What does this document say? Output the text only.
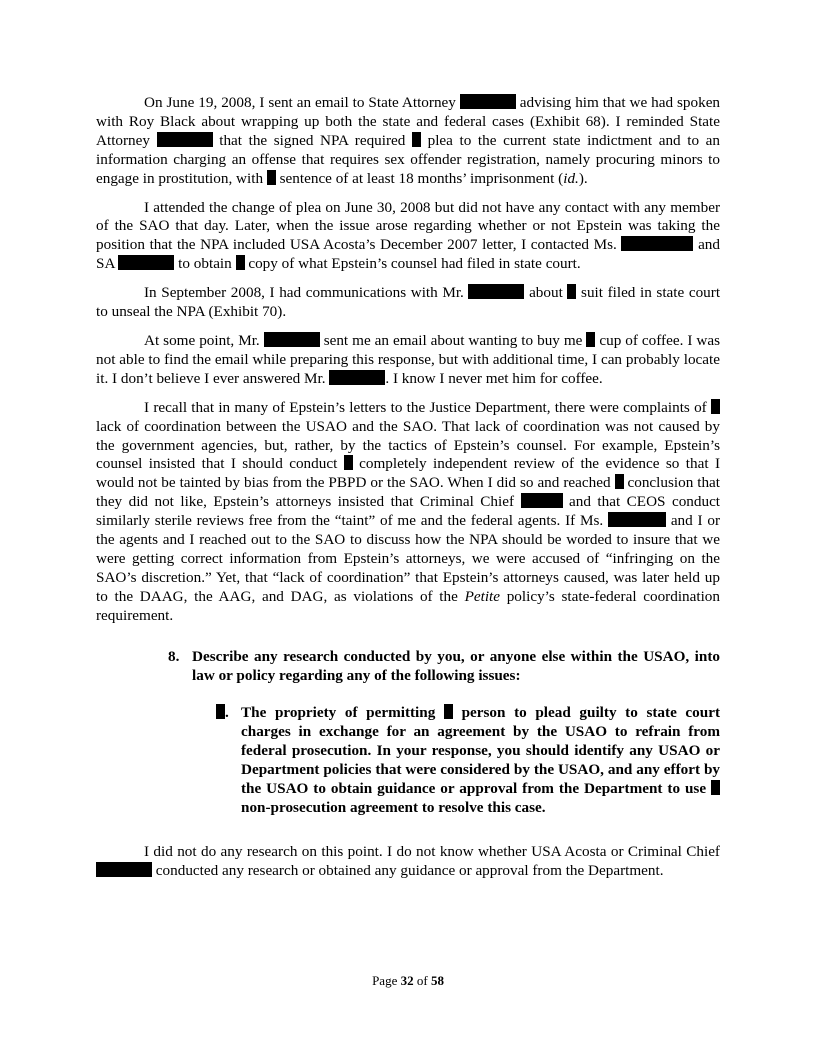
On June 19, 2008, I sent an email to State Attorney	advising him that we had spoken with Roy Black about wrapping up both the state and federal cases (Exhibit 68). I reminded State Attorney	that the signed NPA required plea to the current state indictment and to an information charging an offense that requires sex offender registration, namely procuring minors to engage in prostitution, with sentence of at least 18 months’ imprisonment (id.).

I attended the change of plea on June 30, 2008 but did not have any contact with any member of the SAO that day. Later, when the issue arose regarding whether or not Epstein was taking the position that the NPA included USA Acosta’s December 2007 letter, I contacted Ms.	and SA	to obtain copy of what Epstein’s counsel had filed in state court.

In September 2008, I had communications with Mr.	about suit filed in state court to unseal the NPA (Exhibit 70).

At some point, Mr.	sent me an email about wanting to buy me cup of coffee. I was not able to find the email while preparing this response, but with additional time, I can probably locate it. I don’t believe I ever answered Mr.	. I know I never met him for coffee.

I recall that in many of Epstein’s letters to the Justice Department, there were complaints of  lack of coordination between the USAO and the SAO. That lack of coordination was not caused by the government agencies, but, rather, by the tactics of Epstein’s counsel. For example, Epstein’s counsel insisted that I should conduct completely independent review of the evidence so that I would not be tainted by bias from the PBPD or the SAO. When I did so and reached conclusion that they did not like, Epstein’s attorneys insisted that Criminal Chief	and that CEOS conduct similarly sterile reviews free from the “taint” of me and the federal agents. If Ms.	and I or the agents and I reached out to the SAO to discuss how the NPA should be worded to insure that we were getting correct information from Epstein’s attorneys, we were accused of “infringing on the SAO’s discretion.” Yet, that “lack of coordination” that Epstein’s attorneys caused, was later held up to the DAAG, the AAG, and DAG, as violations of the Petite policy’s state-federal coordination requirement.

8. Describe any research conducted by you, or anyone else within the USAO, into law or policy regarding any of the following issues:
. The propriety of permitting person to plead guilty to state court charges in exchange for an agreement by the USAO to refrain from federal prosecution. In your response, you should identify any USAO or Department policies that were considered by the USAO, and any effort by the USAO to obtain guidance or approval from the Department to use  non-prosecution agreement to resolve this case.

I did not do any research on this point. I do not know whether USA Acosta or Criminal Chief  conducted any research or obtained any guidance or approval from the Department.

Page 32 of 58
